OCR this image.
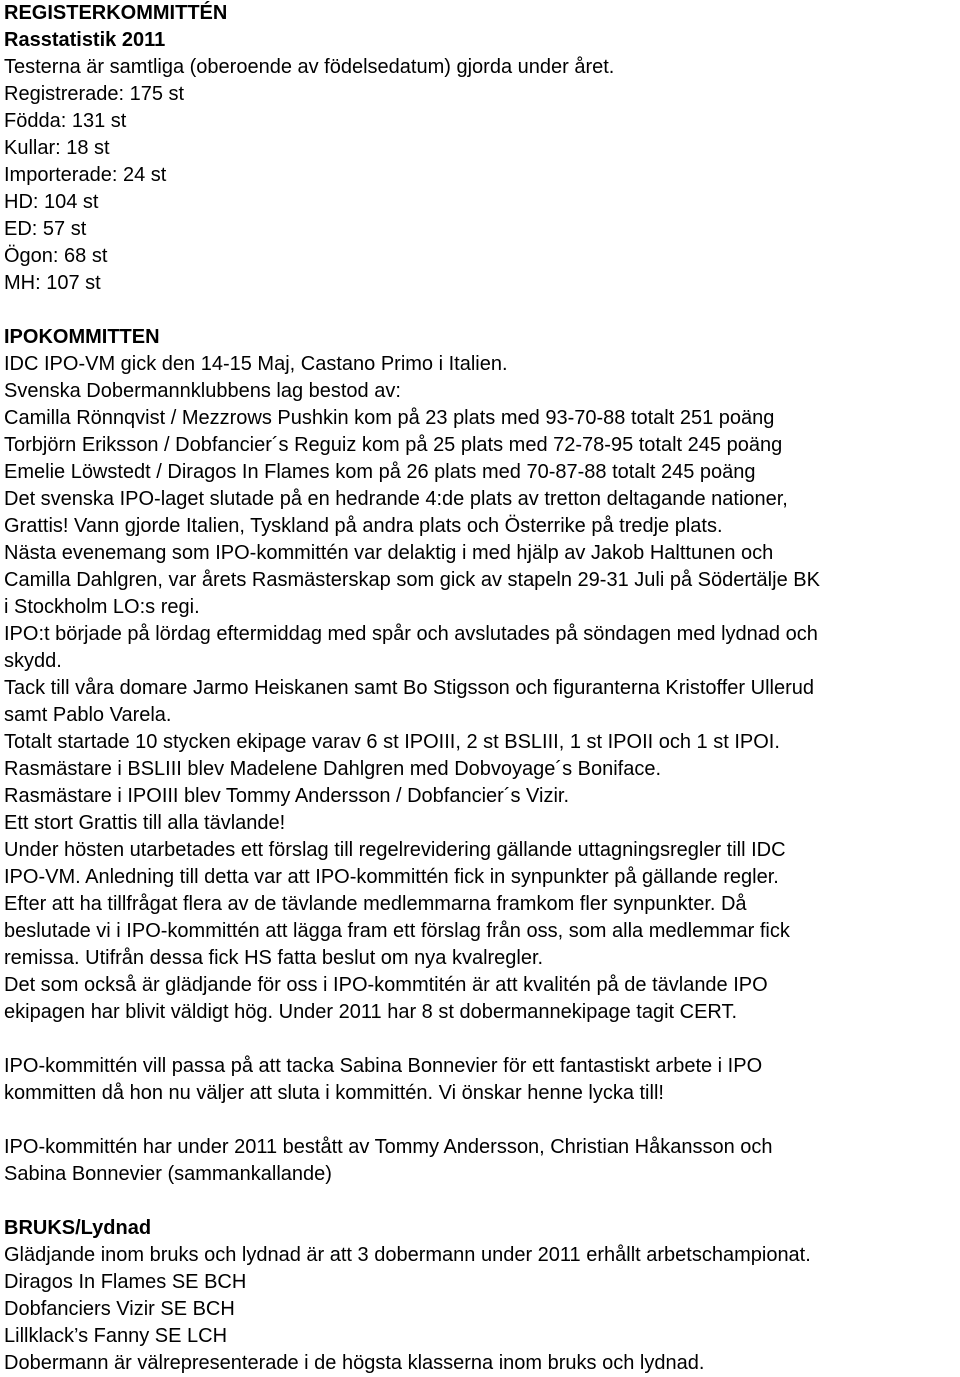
REGISTERKOMMITTÉN
Rasstatistik 2011
Testerna är samtliga (oberoende av födelsedatum) gjorda under året.
Registrerade: 175 st
Födda: 131 st
Kullar: 18 st
Importerade: 24 st
HD: 104 st
ED: 57 st
Ögon: 68 st
MH: 107 st
IPOKOMMITTEN
IDC IPO-VM gick den 14-15 Maj, Castano Primo i Italien.
Svenska Dobermannklubbens lag bestod av:
Camilla Rönnqvist / Mezzrows Pushkin kom på 23 plats med 93-70-88 totalt 251 poäng
Torbjörn Eriksson / Dobfancier´s Reguiz kom på 25 plats med 72-78-95 totalt 245 poäng
Emelie Löwstedt / Diragos In Flames kom på 26 plats med 70-87-88 totalt 245 poäng
Det svenska IPO-laget slutade på en hedrande 4:de plats av tretton deltagande nationer,
Grattis! Vann gjorde Italien, Tyskland på andra plats och Österrike på tredje plats.
Nästa evenemang som IPO-kommittén var delaktig i med hjälp av Jakob Halttunen och
Camilla Dahlgren, var årets Rasmästerskap som gick av stapeln 29-31 Juli på Södertälje BK
i Stockholm LO:s regi.
IPO:t började på lördag eftermiddag med spår och avslutades på söndagen med lydnad och
skydd.
Tack till våra domare Jarmo Heiskanen samt Bo Stigsson och figuranterna Kristoffer Ullerud
samt Pablo Varela.
Totalt startade 10 stycken ekipage varav 6 st IPOIII, 2 st BSLIII, 1 st IPOII och 1 st IPOI.
Rasmästare i BSLIII blev Madelene Dahlgren med Dobvoyage´s Boniface.
Rasmästare i IPOIII blev Tommy Andersson / Dobfancier´s Vizir.
Ett stort Grattis till alla tävlande!
Under hösten utarbetades ett förslag till regelrevidering gällande uttagningsregler till IDC
IPO-VM. Anledning till detta var att IPO-kommittén fick in synpunkter på gällande regler.
Efter att ha tillfrågat flera av de tävlande medlemmarna framkom fler synpunkter. Då
beslutade vi i IPO-kommittén att lägga fram ett förslag från oss, som alla medlemmar fick
remissa. Utifrån dessa fick HS fatta beslut om nya kvalregler.
Det som också är glädjande för oss i IPO-kommtitén är att kvalitén på de tävlande IPO
ekipagen har blivit väldigt hög. Under 2011 har 8 st dobermannekipage tagit CERT.
IPO-kommittén vill passa på att tacka Sabina Bonnevier för ett fantastiskt arbete i IPO
kommitten då hon nu väljer att sluta i kommittén. Vi önskar henne lycka till!
IPO-kommittén har under 2011 bestått av Tommy Andersson, Christian Håkansson och
Sabina Bonnevier (sammankallande)
BRUKS/Lydnad
Glädjande inom bruks och lydnad är att 3 dobermann under 2011 erhållt arbetschampionat.
Diragos In Flames SE BCH
Dobfanciers Vizir SE BCH
Lillklack’s Fanny SE LCH
Dobermann är välrepresenterade i de högsta klasserna inom bruks och lydnad.
